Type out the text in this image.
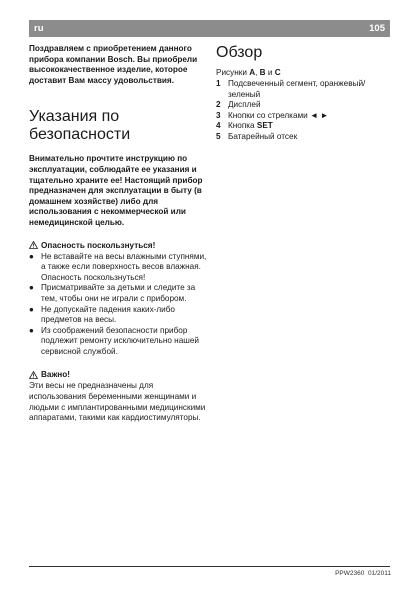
ru	105

Поздравляем с приобретением данного прибора компании Bosch. Вы приобрели высококачественное изделие, которое доставит Вам массу удовольствия.

Указания по безопасности

Внимательно прочтите инструкцию по эксплуатации, соблюдайте ее указания и тщательно храните ее! Настоящий прибор предназначен для эксплуатации в быту (в домашнем хозяйстве) либо для использования с некоммерческой или немедицинской целью.

Опасность поскользнуться!
● Не вставайте на весы влажными ступнями, а также если поверхность весов влажная. Опасность поскользнуться!
● Присматривайте за детьми и следите за тем, чтобы они не играли с прибором.
● Не допускайте падения каких-либо предметов на весы.
● Из соображений безопасности прибор подлежит ремонту исключительно нашей сервисной службой.
Важно!

Эти весы не предназначены для использования беременными женщинами и людьми с имплантированными медицинскими аппаратами, такими как кардиостимуляторы.

Обзор
Рисунки A, B и C
1 Подсвеченный сегмент, оранжевый/зеленый
2 Дисплей
3 Кнопки со стрелками ◄ ►
4 Кнопка SET
5 Батарейный отсек
PPW2360 01/2011
